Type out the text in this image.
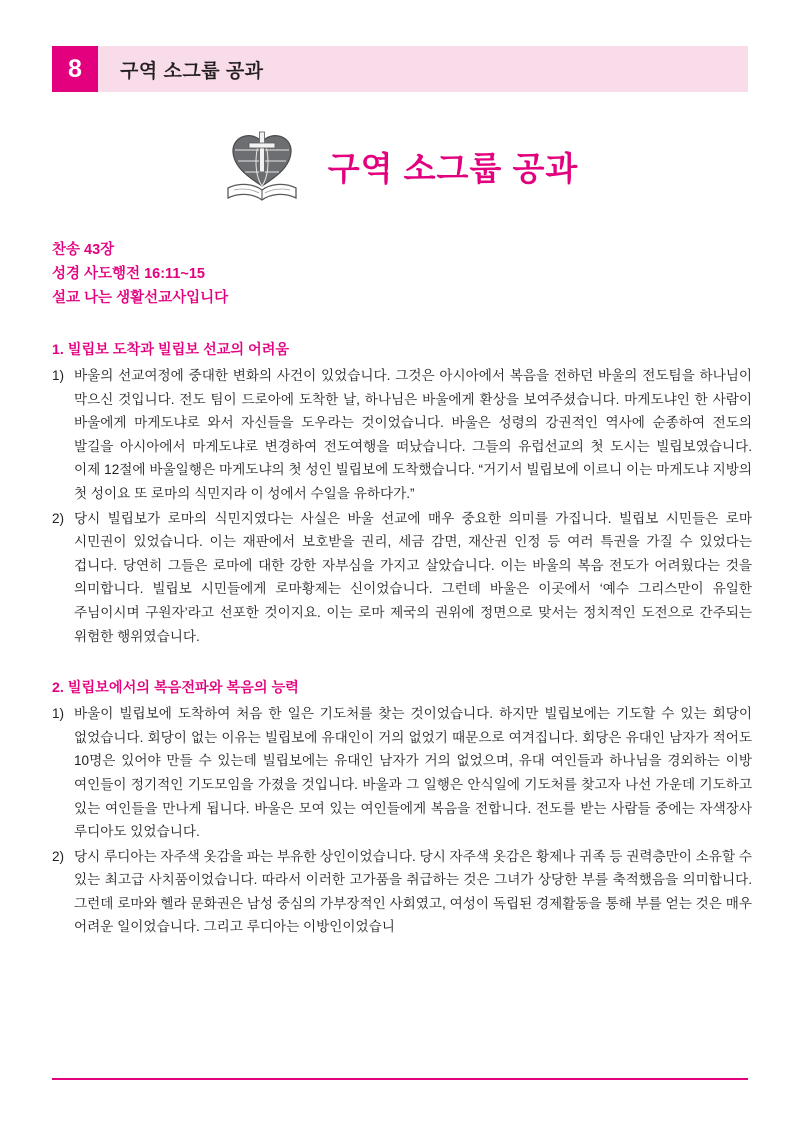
8	구역 소그룹 공과
구역 소그룹 공과
찬송 43장
성경 사도행전 16:11~15
설교 나는 생활선교사입니다
1. 빌립보 도착과 빌립보 선교의 어려움
1) 바울의 선교여정에 중대한 변화의 사건이 있었습니다. 그것은 아시아에서 복음을 전하던 바울의 전도팀을 하나님이 막으신 것입니다. 전도 팀이 드로아에 도착한 날, 하나님은 바울에게 환상을 보여주셨습니다. 마게도냐인 한 사람이 바울에게 마게도냐로 와서 자신들을 도우라는 것이었습니다. 바울은 성령의 강권적인 역사에 순종하여 전도의 발길을 아시아에서 마게도냐로 변경하여 전도여행을 떠났습니다. 그들의 유럽선교의 첫 도시는 빌립보였습니다. 이제 12절에 바울일행은 마게도냐의 첫 성인 빌립보에 도착했습니다. “거기서 빌립보에 이르니 이는 마게도냐 지방의 첫 성이요 또 로마의 식민지라 이 성에서 수일을 유하다가.”
2) 당시 빌립보가 로마의 식민지였다는 사실은 바울 선교에 매우 중요한 의미를 가집니다. 빌립보 시민들은 로마 시민권이 있었습니다. 이는 재판에서 보호받을 권리, 세금 감면, 재산권 인정 등 여러 특권을 가질 수 있었다는 겁니다. 당연히 그들은 로마에 대한 강한 자부심을 가지고 살았습니다. 이는 바울의 복음 전도가 어려웠다는 것을 의미합니다. 빌립보 시민들에게 로마황제는 신이었습니다. 그런데 바울은 이곳에서 ‘예수 그리스만이 유일한 주님이시며 구원자’라고 선포한 것이지요. 이는 로마 제국의 권위에 정면으로 맞서는 정치적인 도전으로 간주되는 위험한 행위였습니다.
2. 빌립보에서의 복음전파와 복음의 능력
1) 바울이 빌립보에 도착하여 처음 한 일은 기도처를 찾는 것이었습니다. 하지만 빌립보에는 기도할 수 있는 회당이 없었습니다. 회당이 없는 이유는 빌립보에 유대인이 거의 없었기 때문으로 여겨집니다. 회당은 유대인 남자가 적어도 10명은 있어야 만들 수 있는데 빌립보에는 유대인 남자가 거의 없었으며, 유대 여인들과 하나님을 경외하는 이방 여인들이 정기적인 기도모임을 가졌을 것입니다. 바울과 그 일행은 안식일에 기도처를 찾고자 나선 가운데 기도하고 있는 여인들을 만나게 됩니다. 바울은 모여 있는 여인들에게 복음을 전합니다. 전도를 받는 사람들 중에는 자색장사 루디아도 있었습니다.
2) 당시 루디아는 자주색 옷감을 파는 부유한 상인이었습니다. 당시 자주색 옷감은 황제나 귀족 등 권력층만이 소유할 수 있는 최고급 사치품이었습니다. 따라서 이러한 고가품을 취급하는 것은 그녀가 상당한 부를 축적했음을 의미합니다. 그런데 로마와 헬라 문화권은 남성 중심의 가부장적인 사회였고, 여성이 독립된 경제활동을 통해 부를 얻는 것은 매우 어려운 일이었습니다. 그리고 루디아는 이방인이었습니
